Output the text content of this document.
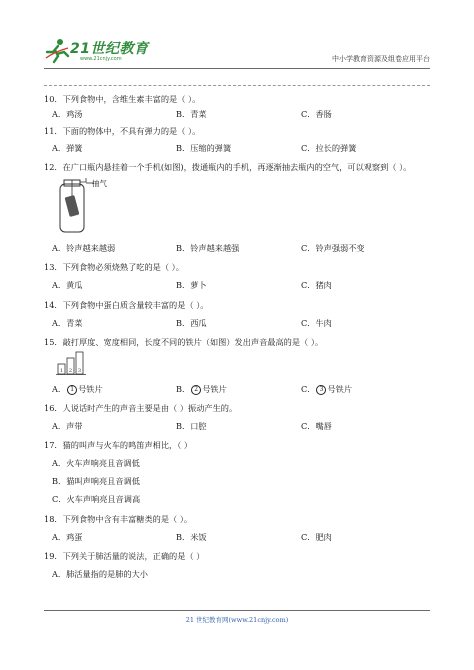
21世纪教育
www.21cnjy.com	中小学教育资源及组卷应用平台
10．下列食物中，含维生素丰富的是（ ）。
A．鸡汤	B．青菜	C．香肠
11．下面的物体中，不具有弹力的是（ ）。
A．弹簧	B．压缩的弹簧	C．拉长的弹簧
12．在广口瓶内悬挂着一个手机(如图)，拨通瓶内的手机，再逐渐抽去瓶内的空气，可以观察到（ ）。
抽气
A．铃声越来越弱	B．铃声越来越强	C．铃声强弱不变
13．下列食物必须烧熟了吃的是（ ）。
A．黄瓜	B．萝卜	C．猪肉
14．下列食物中蛋白质含量较丰富的是（ ）。
A．青菜	B．西瓜	C．牛肉
15．敲打厚度、宽度相同，长度不同的铁片（如图）发出声音最高的是（ ）。
1 2 3
A． 1 号铁片	B． 2 号铁片	C． 3 号铁片
16．人说话时产生的声音主要是由（ ）振动产生的。
A．声带	B．口腔	C．嘴唇
17．猫的叫声与火车的鸣笛声相比，（ ）
A．火车声响亮且音调低
B．猫叫声响亮且音调低
C．火车声响亮且音调高
18．下列食物中含有丰富糖类的是（ ）。
A．鸡蛋	B．米饭	C．肥肉
19．下列关于肺活量的说法，正确的是（ ）
A．肺活量指的是肺的大小
21 世纪教育网(www.21cnjy.com)
